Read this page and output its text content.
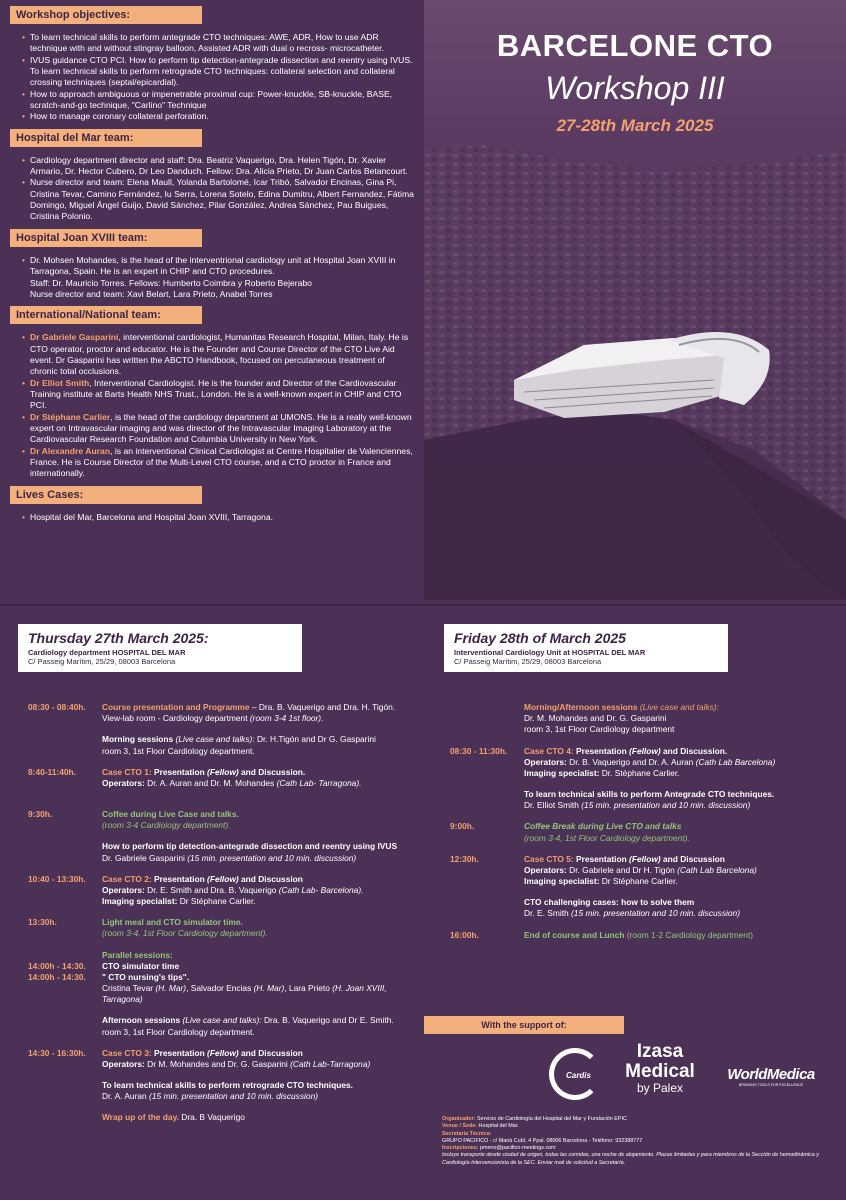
Workshop objectives:
• To learn technical skills to perform antegrade CTO techniques: AWE, ADR, How to use ADR technique with and without stingray balloon, Assisted ADR with dual o recross- microcatheter.
• IVUS guidance CTO PCI. How to perform tip detection-antegrade dissection and reentry using IVUS. To learn technical skills to perform retrograde CTO techniques: collateral selection and collateral crossing techniques (septal/epicardial).
• How to approach ambiguous or impenetrable proximal cup: Power-knuckle, SB-knuckle, BASE, scratch-and-go technique, "Carlino" Technique
• How to manage coronary collateral perforation.
Hospital del Mar team:
• Cardiology department director and staff: Dra. Beatriz Vaquerigo, Dra. Helen Tigón, Dr. Xavier Armario, Dr. Hector Cubero, Dr Leo Danduch. Fellow: Dra. Alicia Prieto, Dr Juan Carlos Betancourt.
• Nurse director and team: Elena Maull, Yolanda Bartolomé, Icar Tribó, Salvador Encinas, Gina Pi, Cristina Tevar, Camino Fernández, Iu Serra, Lorena Sotelo, Edina Dumitru, Albert Fernandez, Fátima Domingo, Miguel Ángel Guijo, David Sánchez, Pilar González, Andrea Sánchez, Pau Buigues, Cristina Polonio.
Hospital Joan XVIII team:
• Dr. Mohsen Mohandes, is the head of the interventrional cardiology unit at Hospital Joan XVIII in Tarragona, Spain. He is an expert in CHIP and CTO procedures.
Staff: Dr. Mauricio Torres. Fellows: Humberto Coimbra y Roberto Bejerabo
Nurse director and team: Xavi Belart, Lara Prieto, Anabel Torres
International/National team:
• Dr Gabriele Gasparini, interventional cardiologist, Humanitas Research Hospital, Milan, Italy. He is CTO operator, proctor and educator. He is the Founder and Course Director of the CTO Live Aid event. Dr Gasparini has written the ABCTO Handbook, focused on percutaneous treatment of chronic total occlusions.
• Dr Elliot Smith, Interventional Cardiologist. He is the founder and Director of the Cardiovascular Training institute at Barts Health NHS Trust., London. He is a well-known expert in CHIP and CTO PCI.
• Dr Stéphane Carlier, is the head of the cardiology department at UMONS. He is a really well-known expert on Intravascular imaging and was director of the Intravascular Imaging Laboratory at the Cardiovascular Research Foundation and Columbia University in New York.
• Dr Alexandre Auran, is an interventional Clinical Cardiologist at Centre Hospitalier de Valenciennes, France. He is Course Director of the Multi-Level CTO course, and a CTO proctor in France and internationally.
Lives Cases:
• Hospital del Mar, Barcelona and Hospital Joan XVIII, Tarragona.
BARCELONE CTO
Workshop III
27-28th March 2025
Thursday 27th March 2025:
Cardiology department HOSPITAL DEL MAR
C/ Passeig Marítim, 25/29, 08003 Barcelona
Friday 28th of March 2025
Interventional Cardiology Unit at HOSPITAL DEL MAR
C/ Passeig Marítim, 25/29, 08003 Barcelona
08:30 - 08:40h.	Course presentation and Programme – Dra. B. Vaquerigo and Dra. H. Tigón.
View-lab room - Cardiology department (room 3-4 1st floor).
Morning sessions (Live case and talks): Dr. H.Tigón and Dr G. Gasparini
room 3, 1st Floor Cardiology department.
8:40-11:40h.	Case CTO 1: Presentation (Fellow) and Discussion.
Operators: Dr. A. Auran and Dr. M. Mohandes (Cath Lab- Tarragona).
9:30h.	Coffee during Live Case and talks.
(room 3-4 Cardiology department).
How to perform tip detection-antegrade dissection and reentry using IVUS
Dr. Gabriele Gasparini (15 min. presentation and 10 min. discussion)
10:40 - 13:30h.	Case CTO 2: Presentation (Fellow) and Discussion
Operators: Dr. E. Smith and Dra. B. Vaquerigo (Cath Lab- Barcelona).
Imaging specialist: Dr Stéphane Carlier.
13:30h.	Light meal and CTO simulator time.
(room 3-4, 1st Floor Cardiology department).
Parallel sessions:
14:00h - 14:30.	CTO simulator time
14:00h - 14:30.	" CTO nursing's tips".
Cristina Tevar (H. Mar), Salvador Encias (H. Mar), Lara Prieto (H. Joan XVIII, Tarragona)
Afternoon sessions (Live case and talks): Dra. B. Vaquerigo and Dr E. Smith.
room 3, 1st Floor Cardiology department.
14:30 - 16:30h.	Case CTO 3: Presentation (Fellow) and Discussion
Operators: Dr M. Mohandes and Dr. G. Gasparini (Cath Lab-Tarragona)
To learn technical skills to perform retrograde CTO techniques.
Dr. A. Auran (15 min. presentation and 10 min. discussion)
Wrap up of the day. Dra. B Vaquerigo
Morning/Afternoon sessions (Live case and talks):
Dr. M. Mohandes and Dr. G. Gasparini
room 3, 1st Floor Cardiology department
08:30 - 11:30h.	Case CTO 4: Presentation (Fellow) and Discussion.
Operators: Dr. B. Vaquerigo and Dr. A. Auran (Cath Lab Barcelona)
Imaging specialist: Dr. Stéphane Carlier.
To learn technical skills to perform Antegrade CTO techniques.
Dr. Elliot Smith (15 min. presentation and 10 min. discussion)
9:00h.	Coffee Break during Live CTO and talks
(room 3-4, 1st Floor Cardiology department).
12:30h.	Case CTO 5: Presentation (Fellow) and Discussion
Operators: Dr. Gabriele and Dr H. Tigón (Cath Lab Barcelona)
Imaging specialist: Dr Stéphane Carlier.
CTO challenging cases: how to solve them
Dr. E. Smith (15 min. presentation and 10 min. discussion)
16:00h.	End of course and Lunch (room 1-2 Cardiology department)
With the support of:
Cardis
Izasa
Medical
by Palex
WorldMedica
BRINGING TOOLS FOR EXCELLENCE
Organizador: Servicio de Cardiología del Hospital del Mar y Fundación EPIC
Venue / Sede: Hospital del Mar.
Secretaria Técnica:
GRUPO PACIFICO - c/ Marià Cubí, 4 Ppal. 08006 Barcelona - Teléfono: 932388777
Inscripciones: pmeno@pacifico-meetings.com
Incluye transporte desde ciudad de origen, todas las comidas, una noche de alojamiento. Plazas limitadas y para miembros de la Sección de hemodinámica y Cardiología Intervencionista de la SEC. Enviar mail de solicitud a Secretaría.
